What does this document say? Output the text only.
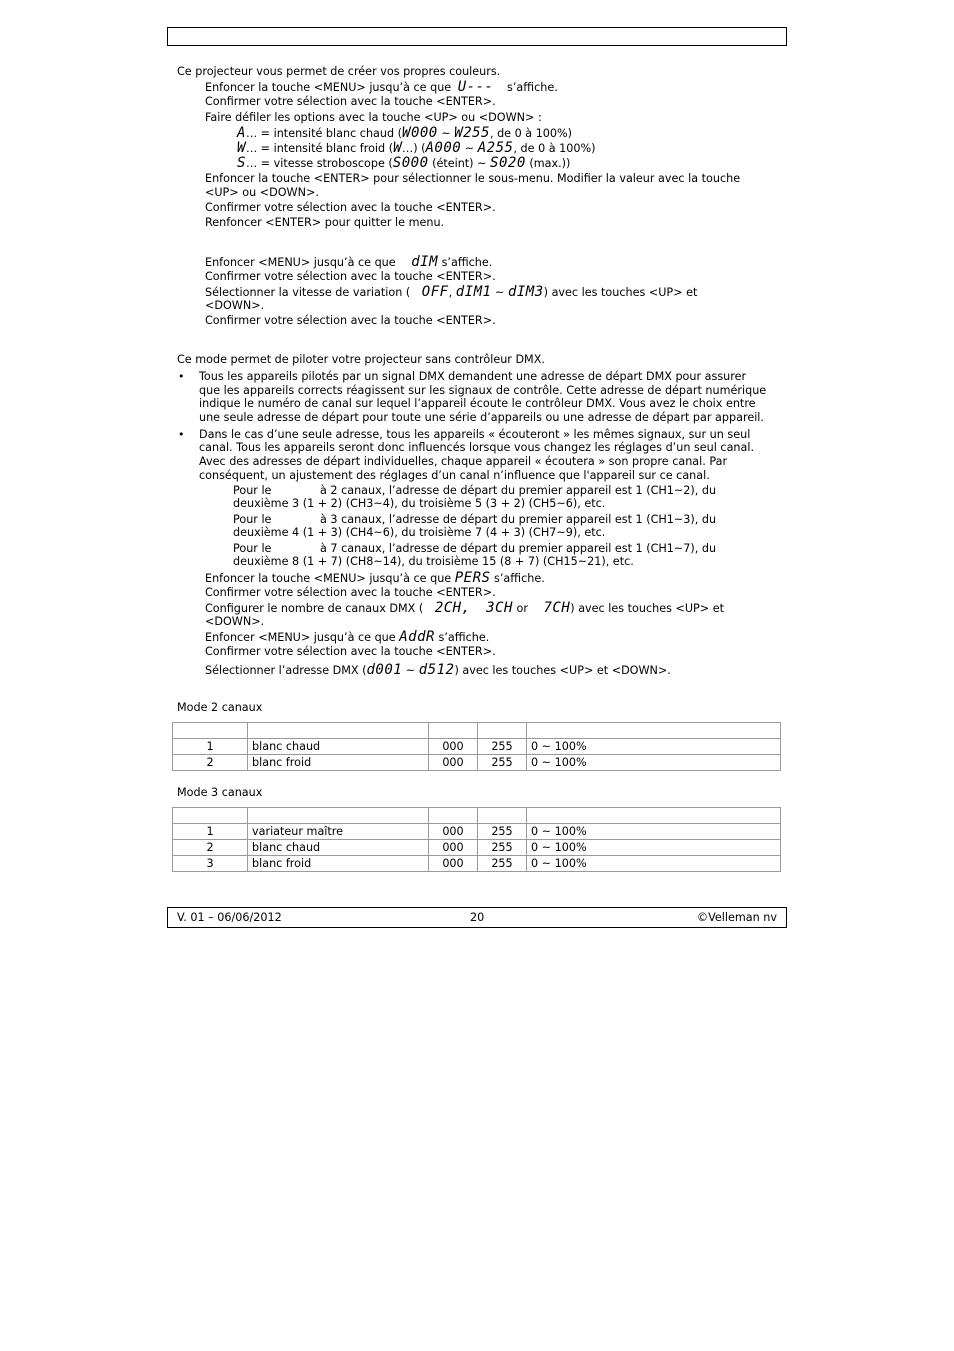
Ce projecteur vous permet de créer vos propres couleurs.
Enfoncer la touche <MENU> jusqu’à ce que U--- s’affiche.
Confirmer votre sélection avec la touche <ENTER>.
Faire défiler les options avec la touche <UP> ou <DOWN> :
A… = intensité blanc chaud (W000 ~ W255, de 0 à 100%)
W… = intensité blanc froid (W…) (A000 ~ A255, de 0 à 100%)
S… = vitesse stroboscope (S000 (éteint) ~ S020 (max.))
Enfoncer la touche <ENTER> pour sélectionner le sous-menu. Modifier la valeur avec la touche
<UP> ou <DOWN>.
Confirmer votre sélection avec la touche <ENTER>.
Renfoncer <ENTER> pour quitter le menu.
Enfoncer <MENU> jusqu’à ce que dIM s’affiche.
Confirmer votre sélection avec la touche <ENTER>.
Sélectionner la vitesse de variation ( OFF, dIM1 ~ dIM3) avec les touches <UP> et
<DOWN>.
Confirmer votre sélection avec la touche <ENTER>.
Ce mode permet de piloter votre projecteur sans contrôleur DMX.
• Tous les appareils pilotés par un signal DMX demandent une adresse de départ DMX pour assurer
que les appareils corrects réagissent sur les signaux de contrôle. Cette adresse de départ numérique
indique le numéro de canal sur lequel l’appareil écoute le contrôleur DMX. Vous avez le choix entre
une seule adresse de départ pour toute une série d’appareils ou une adresse de départ par appareil.
• Dans le cas d’une seule adresse, tous les appareils « écouteront » les mêmes signaux, sur un seul
canal. Tous les appareils seront donc influencés lorsque vous changez les réglages d’un seul canal.
Avec des adresses de départ individuelles, chaque appareil « écoutera » son propre canal. Par
conséquent, un ajustement des réglages d’un canal n’influence que l'appareil sur ce canal.
Pour le	à 2 canaux, l’adresse de départ du premier appareil est 1 (CH1~2), du
deuxième 3 (1 + 2) (CH3~4), du troisième 5 (3 + 2) (CH5~6), etc.
Pour le	à 3 canaux, l’adresse de départ du premier appareil est 1 (CH1~3), du
deuxième 4 (1 + 3) (CH4~6), du troisième 7 (4 + 3) (CH7~9), etc.
Pour le	à 7 canaux, l’adresse de départ du premier appareil est 1 (CH1~7), du
deuxième 8 (1 + 7) (CH8~14), du troisième 15 (8 + 7) (CH15~21), etc.
Enfoncer la touche <MENU> jusqu’à ce que PERS s’affiche.
Confirmer votre sélection avec la touche <ENTER>.
Configurer le nombre de canaux DMX ( 2CH, 3CH or 7CH) avec les touches <UP> et
<DOWN>.
Enfoncer <MENU> jusqu’à ce que AddR s’affiche.
Confirmer votre sélection avec la touche <ENTER>.
Sélectionner l’adresse DMX (d001 ~ d512) avec les touches <UP> et <DOWN>.
Mode 2 canaux

1	blanc chaud	000	255	0 ~ 100%
2	blanc froid	000	255	0 ~ 100%
Mode 3 canaux

1	variateur maître	000	255	0 ~ 100%
2	blanc chaud	000	255	0 ~ 100%
3	blanc froid	000	255	0 ~ 100%
V. 01 – 06/06/2012	20	©Velleman nv
